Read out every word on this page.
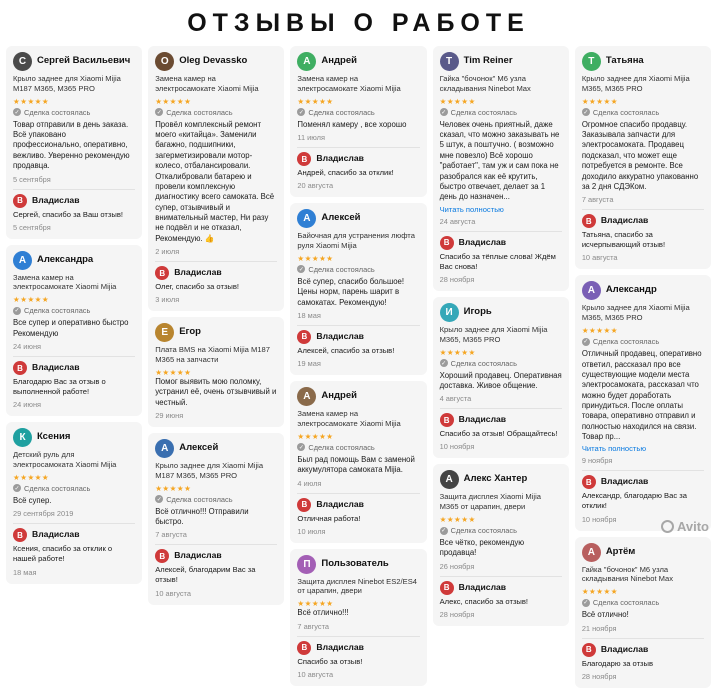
ОТЗЫВЫ О РАБОТЕ
С	Сергей Васильевич
Крыло заднее для Xiaomi Mijia M187 M365, M365 PRO
★★★★★
✓ Сделка состоялась
Товар отправили в день заказа. Всё упаковано профессионально, оперативно, вежливо. Уверенно рекомендую продавца.
5 сентября
В	Владислав
Сергей, спасибо за Ваш отзыв!
5 сентября
А	Александра
Замена камер на электросамокате Xiaomi Mijia
★★★★★
✓ Сделка состоялась
Все супер и оперативно быстро Рекомендую
24 июня
В	Владислав
Благодарю Вас за отзыв о выполненной работе!
24 июня
К	Ксения
Детский руль для электросамоката Xiaomi Mijia
★★★★★
✓ Сделка состоялась
Всё супер.
29 сентября 2019
В	Владислав
Ксения, спасибо за отклик о нашей работе!
18 мая
O	Oleg Devassko
Замена камер на электросамокате Xiaomi Mijia
★★★★★
✓ Сделка состоялась
Провёл комплексный ремонт моего «китайца». Заменили багажно, подшипники, загерметизировали мотор-колесо, отбалансировали. Откалибровали батарею и провели комплексную диагностику всего самоката. Всё супер, отзывчивый и внимательный мастер, Ни разу не подвёл и не отказал, Рекомендую. 👍
2 июля
В	Владислав
Олег, спасибо за отзыв!
3 июля
Е	Егор
Плата BMS на Xiaomi Mijia M187 M365 на запчасти
★★★★★
Помог выявить мою поломку, устранил её, очень отзывчивый и честный.
29 июня
А	Алексей
Крыло заднее для Xiaomi Mijia M187 M365, M365 PRO
★★★★★
✓ Сделка состоялась
Всё отлично!!! Отправили быстро.
7 августа
В	Владислав
Алексей, благодарим Вас за отзыв!
10 августа
А	Андрей
Замена камер на электросамокате Xiaomi Mijia
★★★★★
✓ Сделка состоялась
Поменял камеру , все хорошо
11 июля
В	Владислав
Андрей, спасибо за отклик!
20 августа
А	Алексей
Байочная для устранения люфта руля Xiaomi Mijia
★★★★★
✓ Сделка состоялась
Всё супер, спасибо большое! Цены норм, парень шарит в самокатах. Рекомендую!
18 мая
В	Владислав
Алексей, спасибо за отзыв!
19 мая
А	Андрей
Замена камер на электросамокате Xiaomi Mijia
★★★★★
✓ Сделка состоялась
Был рад помощь Вам с заменой аккумулятора самоката Mijia.
4 июля
В	Владислав
Отличная работа!
10 июля
П	Пользователь
Защита дисплея Ninebot ES2/ES4 от царапин, двери
★★★★★
Всё отлично!!!
7 августа
В	Владислав
Спасибо за отзыв!
10 августа
T	Tim Reiner
Гайка "бочонок" M6 узла складывания Ninebot Max
★★★★★
✓ Сделка состоялась
Человек очень приятный, даже сказал, что можно заказывать не 5 штук, а поштучно. ( возможно мне повезло) Всё хорошо "работает", там уж и сам пока не разобрался как её крутить, быстро отвечает, делает за 1 день до назначен...
Читать полностью
24 августа
В	Владислав
Спасибо за тёплые слова! Ждём Вас снова!
28 ноября
И	Игорь
Крыло заднее для Xiaomi Mijia M365, M365 PRO
★★★★★
✓ Сделка состоялась
Хороший продавец. Оперативная доставка. Живое общение.
4 августа
В	Владислав
Спасибо за отзыв! Обращайтесь!
10 ноября
А	Алекс Хантер
Защита дисплея Xiaomi Mijia M365 от царапин, двери
★★★★★
✓ Сделка состоялась
Все чётко, рекомендую продавца!
26 ноября
В	Владислав
Алекс, спасибо за отзыв!
28 ноября
Т	Татьяна
Крыло заднее для Xiaomi Mijia M365, M365 PRO
★★★★★
✓ Сделка состоялась
Огромное спасибо продавцу. Заказывала запчасти для электросамоката. Продавец подсказал, что может еще потребуется в ремонте. Все доходило аккуратно упакованно за 2 дня СДЭКом.
7 августа
В	Владислав
Татьяна, спасибо за исчерпывающий отзыв!
10 августа
А	Александр
Крыло заднее для Xiaomi Mijia M365, M365 PRO
★★★★★
✓ Сделка состоялась
Отличный продавец, оперативно ответил, рассказал про все существующие модели места электросамоката, рассказал что можно будет доработать принудиться. После оплаты товара, оперативно отправил и полностью находился на связи. Товар пр...
Читать полностью
9 ноября
В	Владислав
Александр, благодарю Вас за отклик!
10 ноября
А	Артём
Гайка "бочонок" M6 узла складывания Ninebot Max
★★★★★
✓ Сделка состоялась
Всё отлично!
21 ноября
В	Владислав
Благодарю за отзыв
28 ноября
Avito
